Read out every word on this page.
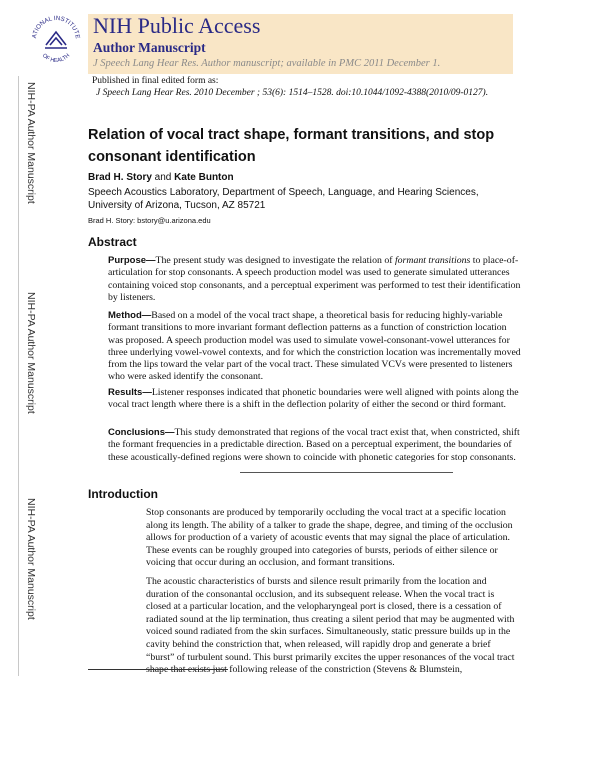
ATIONAL INSTITUTE
OF HEALTH
NIH Public Access
Author Manuscript
J Speech Lang Hear Res. Author manuscript; available in PMC 2011 December 1.
Published in final edited form as:
J Speech Lang Hear Res. 2010 December ; 53(6): 1514–1528. doi:10.1044/1092-4388(2010/09-0127).
NIH-PA Author Manuscript
NIH-PA Author Manuscript
NIH-PA Author Manuscript
Relation of vocal tract shape, formant transitions, and stop consonant identification
Brad H. Story and Kate Bunton
Speech Acoustics Laboratory, Department of Speech, Language, and Hearing Sciences, University of Arizona, Tucson, AZ 85721
Brad H. Story: bstory@u.arizona.edu
Abstract
Purpose—The present study was designed to investigate the relation of formant transitions to place-of-articulation for stop consonants. A speech production model was used to generate simulated utterances containing voiced stop consonants, and a perceptual experiment was performed to test their identification by listeners.
Method—Based on a model of the vocal tract shape, a theoretical basis for reducing highly-variable formant transitions to more invariant formant deflection patterns as a function of constriction location was proposed. A speech production model was used to simulate vowel-consonant-vowel utterances for three underlying vowel-vowel contexts, and for which the constriction location was incrementally moved from the lips toward the velar part of the vocal tract. These simulated VCVs were presented to listeners who were asked identify the consonant.
Results—Listener responses indicated that phonetic boundaries were well aligned with points along the vocal tract length where there is a shift in the deflection polarity of either the second or third formant.
Conclusions—This study demonstrated that regions of the vocal tract exist that, when constricted, shift the formant frequencies in a predictable direction. Based on a perceptual experiment, the boundaries of these acoustically-defined regions were shown to coincide with phonetic categories for stop consonants.
Introduction
Stop consonants are produced by temporarily occluding the vocal tract at a specific location along its length. The ability of a talker to grade the shape, degree, and timing of the occlusion allows for production of a variety of acoustic events that may signal the place of articulation. These events can be roughly grouped into categories of bursts, periods of either silence or voicing that occur during an occlusion, and formant transitions.
The acoustic characteristics of bursts and silence result primarily from the location and duration of the consonantal occlusion, and its subsequent release. When the vocal tract is closed at a particular location, and the velopharyngeal port is closed, there is a cessation of radiated sound at the lip termination, thus creating a silent period that may be augmented with voiced sound radiated from the skin surfaces. Simultaneously, static pressure builds up in the cavity behind the constriction that, when released, will rapidly drop and generate a brief “burst” of turbulent sound. This burst primarily excites the upper resonances of the vocal tract shape that exists just following release of the constriction (Stevens & Blumstein,
